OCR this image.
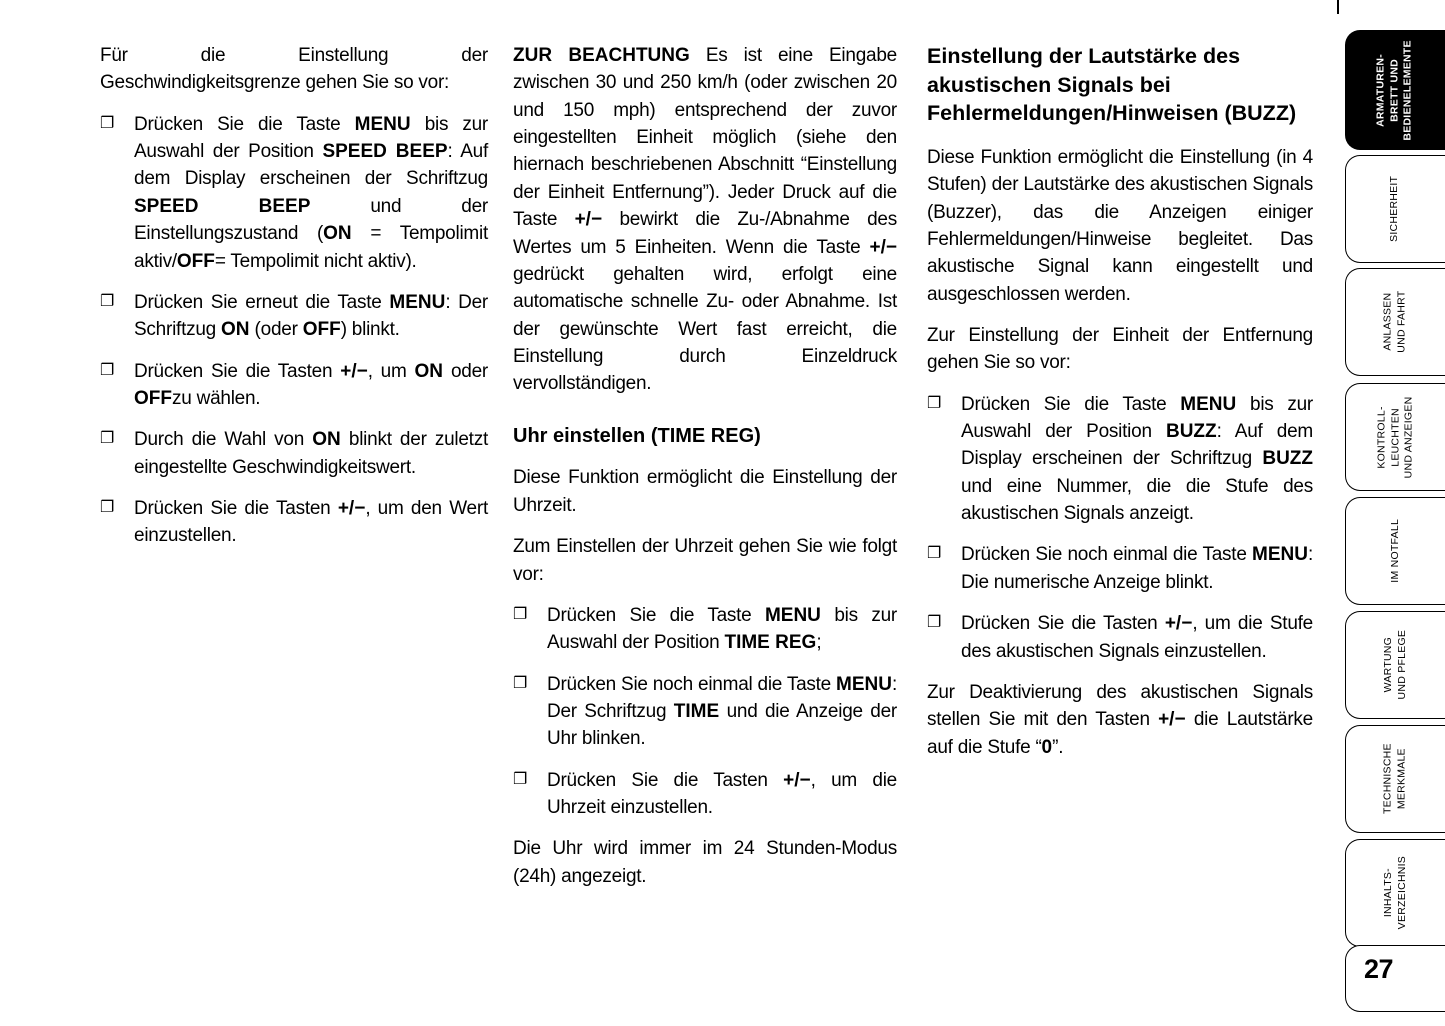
Für die Einstellung der Geschwindigkeitsgrenze gehen Sie so vor:
❐ Drücken Sie die Taste MENU bis zur Auswahl der Position SPEED BEEP: Auf dem Display erscheinen der Schriftzug SPEED BEEP und der Einstellungszustand (ON = Tempolimit aktiv/OFF= Tempolimit nicht aktiv).
❐ Drücken Sie erneut die Taste MENU: Der Schriftzug ON (oder OFF) blinkt.
❐ Drücken Sie die Tasten +/−, um ON oder OFFzu wählen.
❐ Durch die Wahl von ON blinkt der zuletzt eingestellte Geschwindigkeitswert.
❐ Drücken Sie die Tasten +/−, um den Wert einzustellen.
ZUR BEACHTUNG Es ist eine Eingabe zwischen 30 und 250 km/h (oder zwischen 20 und 150 mph) entsprechend der zuvor eingestellten Einheit möglich (siehe den hiernach beschriebenen Abschnitt “Einstellung der Einheit Entfernung”). Jeder Druck auf die Taste +/− bewirkt die Zu-/Abnahme des Wertes um 5 Einheiten. Wenn die Taste +/− gedrückt gehalten wird, erfolgt eine automatische schnelle Zu- oder Abnahme. Ist der gewünschte Wert fast erreicht, die Einstellung durch Einzeldruck vervollständigen.
Uhr einstellen (TIME REG)
Diese Funktion ermöglicht die Einstellung der Uhrzeit.
Zum Einstellen der Uhrzeit gehen Sie wie folgt vor:
❐ Drücken Sie die Taste MENU bis zur Auswahl der Position TIME REG;
❐ Drücken Sie noch einmal die Taste MENU: Der Schriftzug TIME und die Anzeige der Uhr blinken.
❐ Drücken Sie die Tasten +/−, um die Uhrzeit einzustellen.
Die Uhr wird immer im 24 Stunden-Modus (24h) angezeigt.
Einstellung der Lautstärke des akustischen Signals bei Fehlermeldungen/Hinweisen (BUZZ)
Diese Funktion ermöglicht die Einstellung (in 4 Stufen) der Lautstärke des akustischen Signals (Buzzer), das die Anzeigen einiger Fehlermeldungen/Hinweise begleitet. Das akustische Signal kann eingestellt und ausgeschlossen werden.
Zur Einstellung der Einheit der Entfernung gehen Sie so vor:
❐ Drücken Sie die Taste MENU bis zur Auswahl der Position BUZZ: Auf dem Display erscheinen der Schriftzug BUZZ und eine Nummer, die die Stufe des akustischen Signals anzeigt.
❐ Drücken Sie noch einmal die Taste MENU: Die numerische Anzeige blinkt.
❐ Drücken Sie die Tasten +/−, um die Stufe des akustischen Signals einzustellen.
Zur Deaktivierung des akustischen Signals stellen Sie mit den Tasten +/− die Lautstärke auf die Stufe “0”.
ARMATUREN- BRETT UND BEDIENELEMENTE
SICHERHEIT
ANLASSEN UND FAHRT
KONTROLL- LEUCHTEN UND ANZEIGEN
IM NOTFALL
WARTUNG UND PFLEGE
TECHNISCHE MERKMALE
INHALTS- VERZEICHNIS
27
